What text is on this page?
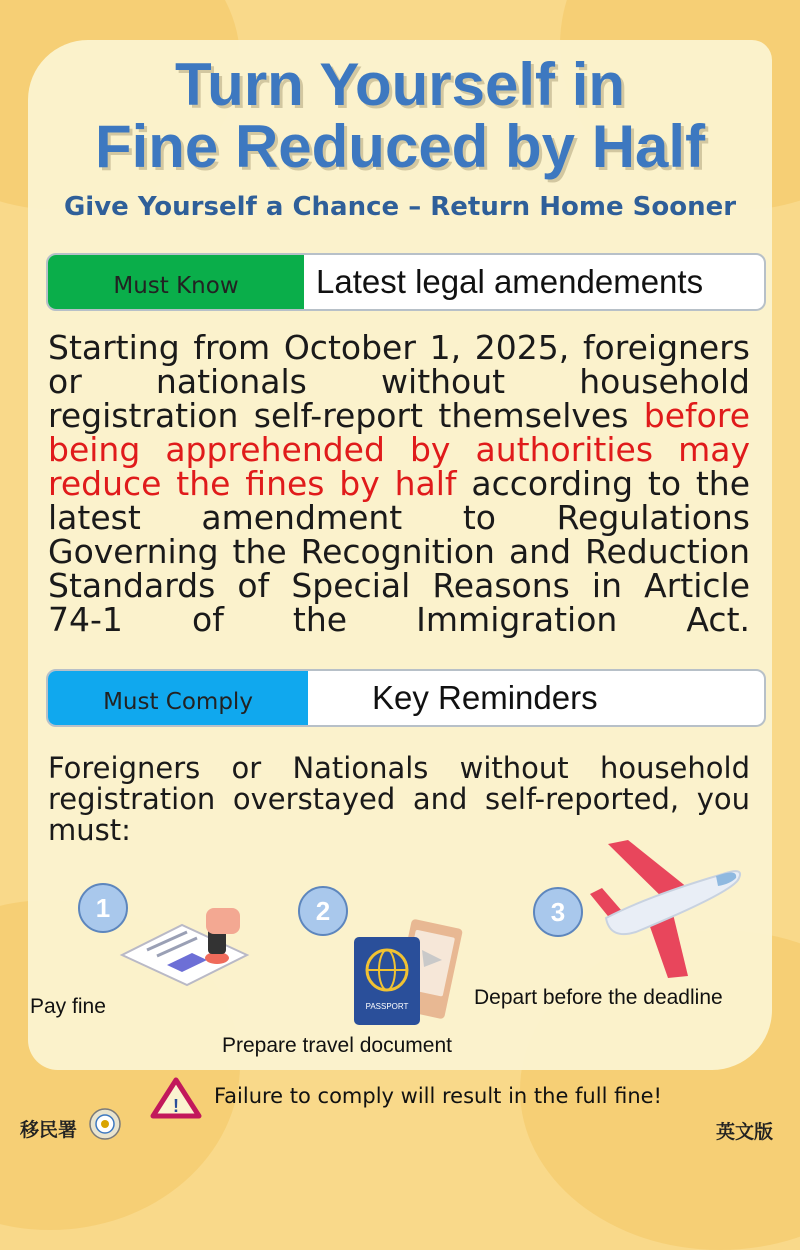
Turn Yourself in
Fine Reduced by Half
Give Yourself a Chance – Return Home Sooner
Must Know	Latest legal amendements
Starting from October 1, 2025, foreigners or nationals without household registration self-report themselves before being apprehended by authorities may reduce the fines by half according to the latest amendment to Regulations Governing the Recognition and Reduction Standards of Special Reasons in Article 74-1 of the Immigration Act.
Must Comply	Key Reminders
Foreigners or Nationals without household registration overstayed and self-reported, you must:
1
Pay fine
2
PASSPORT
Prepare travel document
3
Depart before the deadline
! Failure to comply will result in the full fine!
移民署	英文版
